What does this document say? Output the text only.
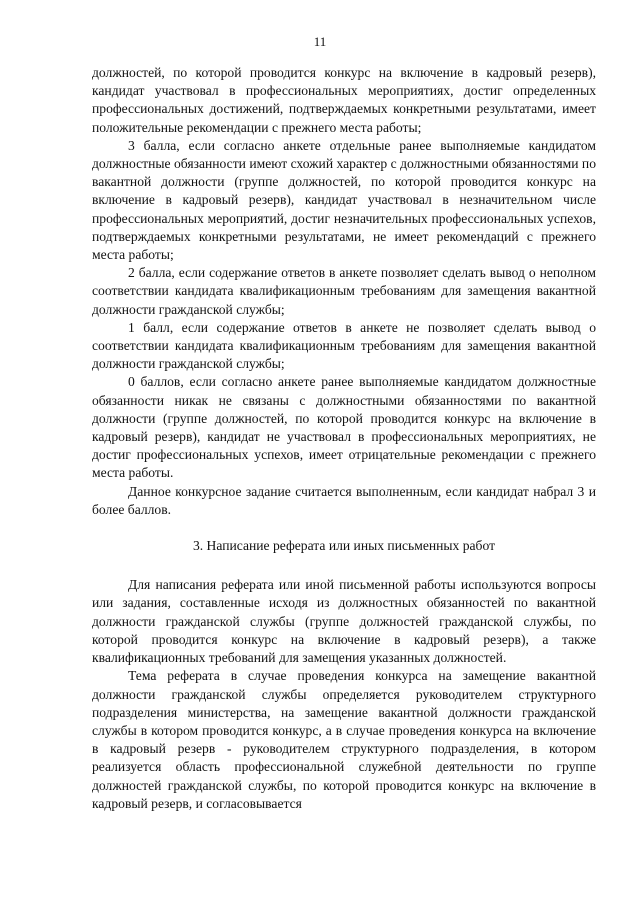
11

должностей, по которой проводится конкурс на включение в кадровый резерв), кандидат участвовал в профессиональных мероприятиях, достиг определенных профессиональных достижений, подтверждаемых конкретными результатами, имеет положительные рекомендации с прежнего места работы;

3 балла, если согласно анкете отдельные ранее выполняемые кандидатом должностные обязанности имеют схожий характер с должностными обязанностями по вакантной должности (группе должностей, по которой проводится конкурс на включение в кадровый резерв), кандидат участвовал в незначительном числе профессиональных мероприятий, достиг незначительных профессиональных успехов, подтверждаемых конкретными результатами, не имеет рекомендаций с прежнего места работы;

2 балла, если содержание ответов в анкете позволяет сделать вывод о неполном соответствии кандидата квалификационным требованиям для замещения вакантной должности гражданской службы;

1 балл, если содержание ответов в анкете не позволяет сделать вывод о соответствии кандидата квалификационным требованиям для замещения вакантной должности гражданской службы;

0 баллов, если согласно анкете ранее выполняемые кандидатом должностные обязанности никак не связаны с должностными обязанностями по вакантной должности (группе должностей, по которой проводится конкурс на включение в кадровый резерв), кандидат не участвовал в профессиональных мероприятиях, не достиг профессиональных успехов, имеет отрицательные рекомендации с прежнего места работы.

Данное конкурсное задание считается выполненным, если кандидат набрал 3 и более баллов.

3. Написание реферата или иных письменных работ

Для написания реферата или иной письменной работы используются вопросы или задания, составленные исходя из должностных обязанностей по вакантной должности гражданской службы (группе должностей гражданской службы, по которой проводится конкурс на включение в кадровый резерв), а также квалификационных требований для замещения указанных должностей.

Тема реферата в случае проведения конкурса на замещение вакантной должности гражданской службы определяется руководителем структурного подразделения министерства, на замещение вакантной должности гражданской службы в котором проводится конкурс, а в случае проведения конкурса на включение в кадровый резерв - руководителем структурного подразделения, в котором реализуется область профессиональной служебной деятельности по группе должностей гражданской службы, по которой проводится конкурс на включение в кадровый резерв, и согласовывается
